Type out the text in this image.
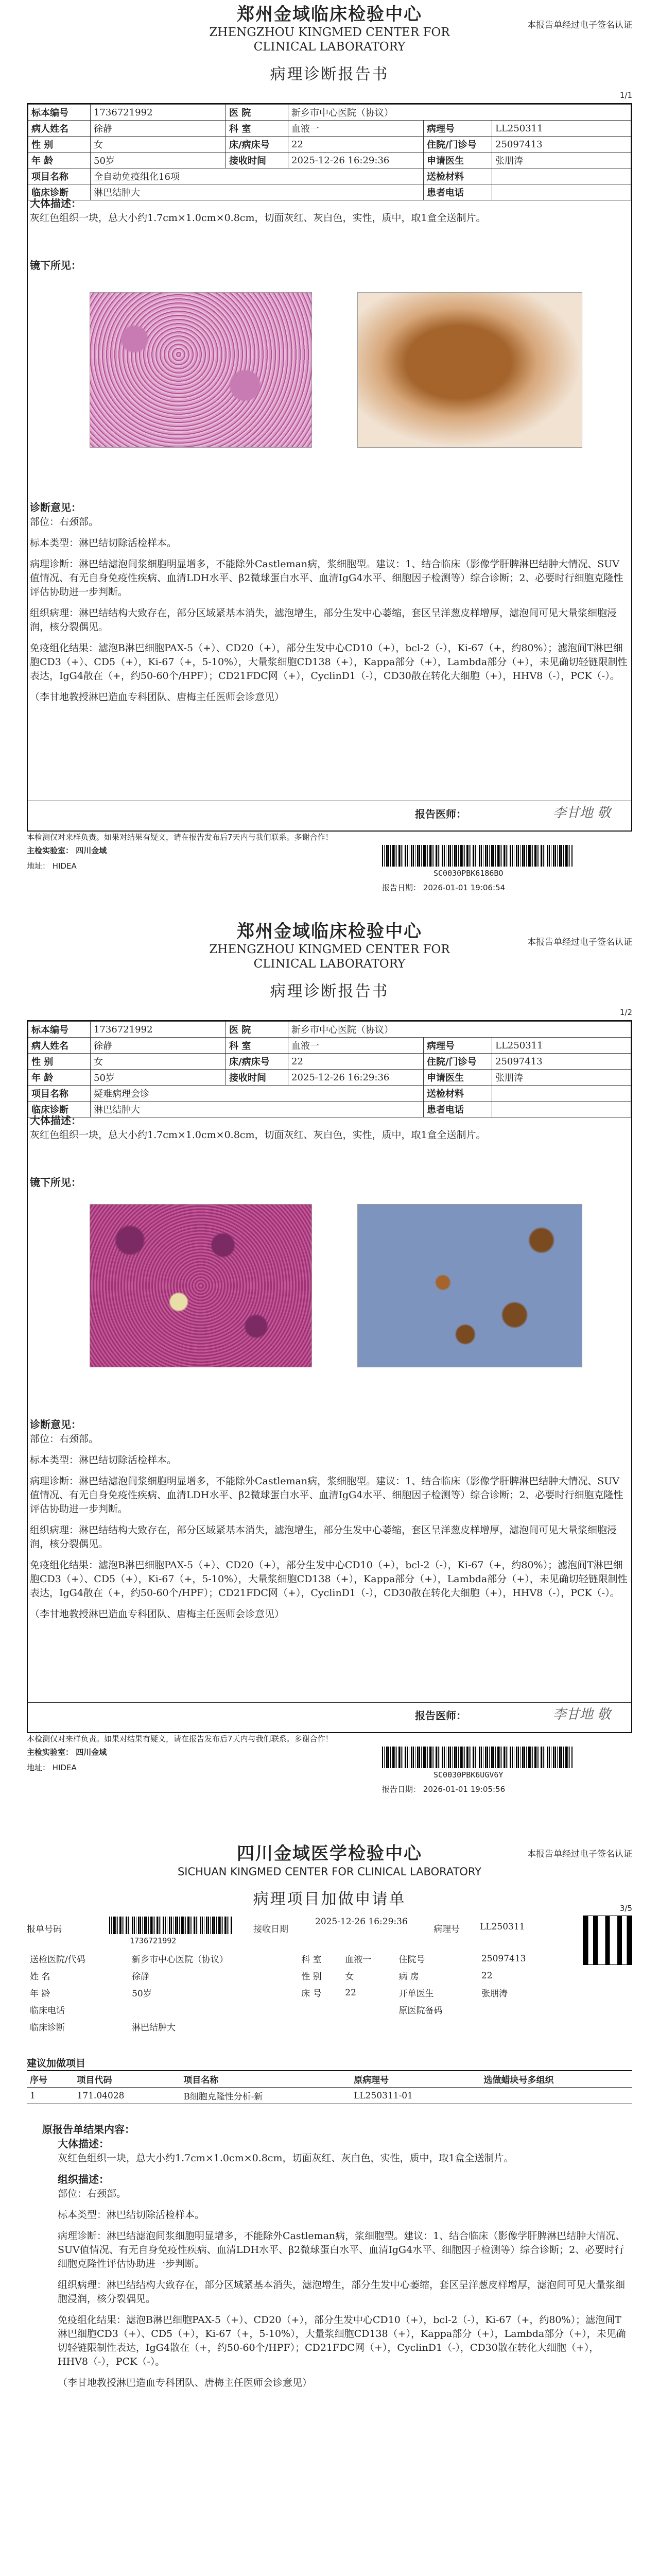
郑州金域临床检验中心
ZHENGZHOU KINGMED CENTER FOR
CLINICAL LABORATORY
病理诊断报告书
本报告单经过电子签名认证
1/1
标本编号	1736721992	医 院	新乡市中心医院（协议）		
病人姓名	徐静	科 室	血液一	病理号	LL250311
性 别	女	床/病床号	22	住院/门诊号	25097413
年 龄	50岁	接收时间	2025-12-26 16:29:36	申请医生	张朋涛
项目名称	全自动免疫组化16项			送检材料	
临床诊断	淋巴结肿大			患者电话	
大体描述：

灰红色组织一块，总大小约1.7cm×1.0cm×0.8cm，切面灰红、灰白色，实性，质中，取1盒全送制片。

镜下所见：
诊断意见：

部位：右颈部。

标本类型：淋巴结切除活检样本。

病理诊断：淋巴结滤泡间浆细胞明显增多，不能除外Castleman病，浆细胞型。建议：1、结合临床（影像学肝脾淋巴结肿大情况、SUV值情况、有无自身免疫性疾病、血清LDH水平、β2微球蛋白水平、血清IgG4水平、细胞因子检测等）综合诊断；2、必要时行细胞克隆性评估协助进一步判断。

组织病理：淋巴结结构大致存在，部分区域紧基本消失，滤泡增生，部分生发中心萎缩，套区呈洋葱皮样增厚，滤泡间可见大量浆细胞浸润，核分裂偶见。

免疫组化结果：滤泡B淋巴细胞PAX-5（+）、CD20（+），部分生发中心CD10（+），bcl-2（-），Ki-67（+，约80%）；滤泡间T淋巴细胞CD3（+）、CD5（+），Ki-67（+，5-10%），大量浆细胞CD138（+），Kappa部分（+），Lambda部分（+），未见确切轻链限制性表达，IgG4散在（+，约50-60个/HPF）；CD21FDC网（+），CyclinD1（-），CD30散在转化大细胞（+），HHV8（-），PCK（-）。

（李甘地教授淋巴造血专科团队、唐梅主任医师会诊意见）

报告医师：	李甘地 敬
本检测仅对来样负责。如果对结果有疑义，请在报告发布后7天内与我们联系。多谢合作！
主检实验室： 四川金域
地址： HIDEA
SC0030PBK6186BO
报告日期： 2026-01-01 19:06:54
郑州金域临床检验中心
ZHENGZHOU KINGMED CENTER FOR
CLINICAL LABORATORY
病理诊断报告书
本报告单经过电子签名认证
1/2
标本编号	1736721992	医 院	新乡市中心医院（协议）		
病人姓名	徐静	科 室	血液一	病理号	LL250311
性 别	女	床/病床号	22	住院/门诊号	25097413
年 龄	50岁	接收时间	2025-12-26 16:29:36	申请医生	张朋涛
项目名称	疑难病理会诊			送检材料	
临床诊断	淋巴结肿大			患者电话	
大体描述：

灰红色组织一块，总大小约1.7cm×1.0cm×0.8cm，切面灰红、灰白色，实性，质中，取1盒全送制片。

镜下所见：
诊断意见：

部位：右颈部。

标本类型：淋巴结切除活检样本。

病理诊断：淋巴结滤泡间浆细胞明显增多，不能除外Castleman病，浆细胞型。建议：1、结合临床（影像学肝脾淋巴结肿大情况、SUV值情况、有无自身免疫性疾病、血清LDH水平、β2微球蛋白水平、血清IgG4水平、细胞因子检测等）综合诊断；2、必要时行细胞克隆性评估协助进一步判断。

组织病理：淋巴结结构大致存在，部分区域紧基本消失，滤泡增生，部分生发中心萎缩，套区呈洋葱皮样增厚，滤泡间可见大量浆细胞浸润，核分裂偶见。

免疫组化结果：滤泡B淋巴细胞PAX-5（+）、CD20（+），部分生发中心CD10（+），bcl-2（-），Ki-67（+，约80%）；滤泡间T淋巴细胞CD3（+）、CD5（+），Ki-67（+，5-10%），大量浆细胞CD138（+），Kappa部分（+），Lambda部分（+），未见确切轻链限制性表达，IgG4散在（+，约50-60个/HPF）；CD21FDC网（+），CyclinD1（-），CD30散在转化大细胞（+），HHV8（-），PCK（-）。

（李甘地教授淋巴造血专科团队、唐梅主任医师会诊意见）

报告医师：	李甘地 敬
本检测仅对来样负责。如果对结果有疑义，请在报告发布后7天内与我们联系。多谢合作！
主检实验室： 四川金域
地址： HIDEA
SC0030PBK6UGV6Y
报告日期： 2026-01-01 19:05:56
四川金域医学检验中心
SICHUAN KINGMED CENTER FOR CLINICAL LABORATORY
病理项目加做申请单
本报告单经过电子签名认证
3/5
报单号码
1736721992
接收日期
2025-12-26 16:29:36
病理号 LL250311
送检医院/代码	新乡市中心医院（协议）	科 室	血液一	住院号	25097413
姓 名	徐静	性 别	女	病 房	22
年 龄	50岁	床 号	22	开单医生	张朋涛
临床电话				原医院备码	
临床诊断	淋巴结肿大				
建议加做项目
序号	项目代码	项目名称	原病理号	选做蜡块号多组织
1	171.04028	B细胞克隆性分析-新	LL250311-01	
原报告单结果内容：
大体描述：

灰红色组织一块，总大小约1.7cm×1.0cm×0.8cm，切面灰红、灰白色，实性，质中，取1盒全送制片。

组织描述：

部位：右颈部。

标本类型：淋巴结切除活检样本。

病理诊断：淋巴结滤泡间浆细胞明显增多，不能除外Castleman病，浆细胞型。建议：1、结合临床（影像学肝脾淋巴结肿大情况、SUV值情况、有无自身免疫性疾病、血清LDH水平、β2微球蛋白水平、血清IgG4水平、细胞因子检测等）综合诊断；2、必要时行细胞克隆性评估协助进一步判断。

组织病理：淋巴结结构大致存在，部分区域紧基本消失，滤泡增生，部分生发中心萎缩，套区呈洋葱皮样增厚，滤泡间可见大量浆细胞浸润，核分裂偶见。

免疫组化结果：滤泡B淋巴细胞PAX-5（+）、CD20（+），部分生发中心CD10（+），bcl-2（-），Ki-67（+，约80%）；滤泡间T淋巴细胞CD3（+）、CD5（+），Ki-67（+，5-10%），大量浆细胞CD138（+），Kappa部分（+），Lambda部分（+），未见确切轻链限制性表达，IgG4散在（+，约50-60个/HPF）；CD21FDC网（+），CyclinD1（-），CD30散在转化大细胞（+），HHV8（-），PCK（-）。

（李甘地教授淋巴造血专科团队、唐梅主任医师会诊意见）
